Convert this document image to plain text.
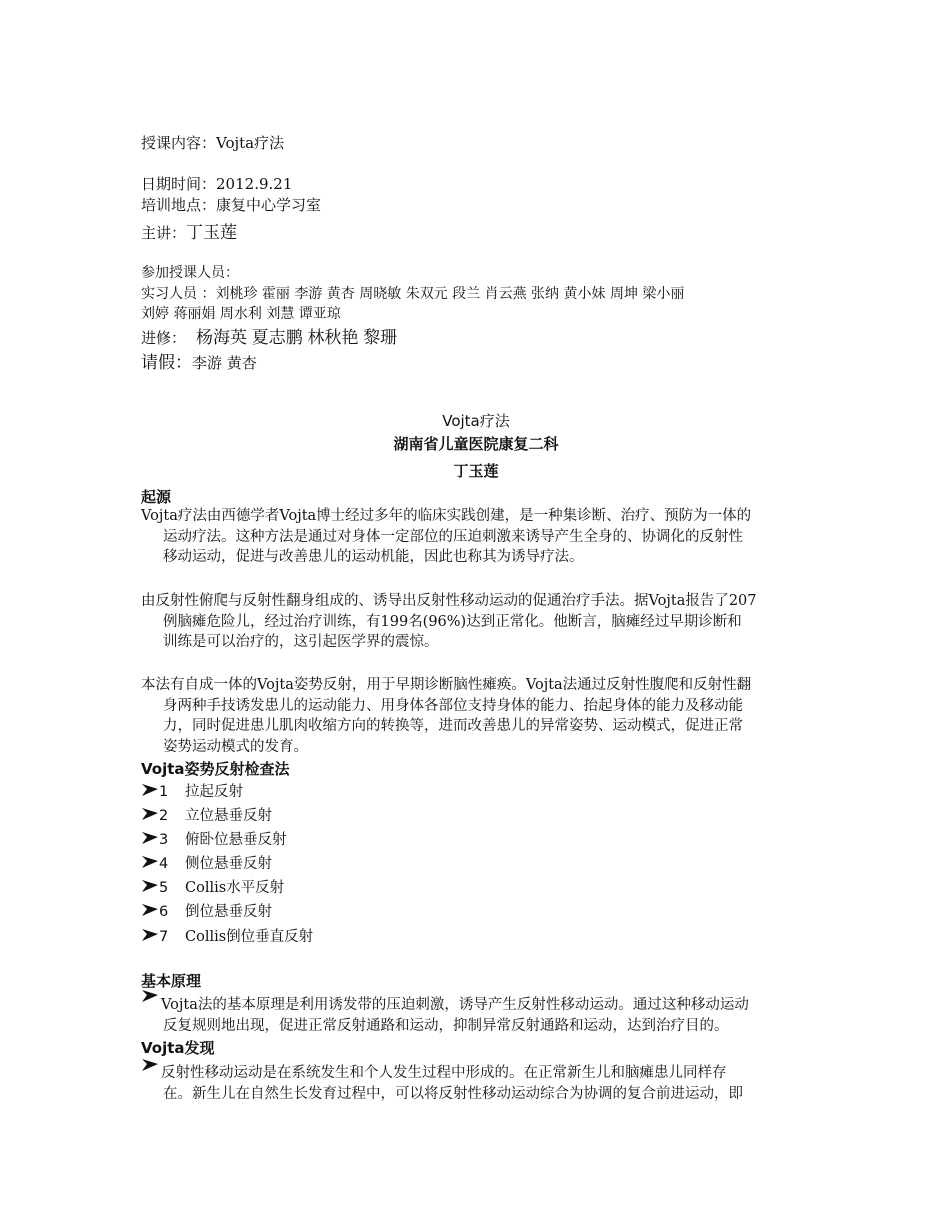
授课内容：Vojta疗法
日期时间：2012.9.21
培训地点：康复中心学习室
主讲：丁玉莲
参加授课人员：
实习人员 ：刘桃珍 霍丽 李游 黄杏 周晓敏 朱双元 段兰 肖云燕 张纳 黄小妹 周坤 梁小丽
刘婷 蒋丽娟 周水利 刘慧 谭亚琼
进修： 杨海英 夏志鹏 林秋艳 黎珊
请假：李游 黄杏
Vojta疗法
湖南省儿童医院康复二科
丁玉莲
起源
Vojta疗法由西德学者Vojta博士经过多年的临床实践创建，是一种集诊断、治疗、预防为一体的
运动疗法。这种方法是通过对身体一定部位的压迫刺激来诱导产生全身的、协调化的反射性
移动运动，促进与改善患儿的运动机能，因此也称其为诱导疗法。
由反射性俯爬与反射性翻身组成的、诱导出反射性移动运动的促通治疗手法。据Vojta报告了207
例脑瘫危险儿，经过治疗训练，有199名(96%)达到正常化。他断言，脑瘫经过早期诊断和
训练是可以治疗的，这引起医学界的震惊。
本法有自成一体的Vojta姿势反射，用于早期诊断脑性瘫痪。Vojta法通过反射性腹爬和反射性翻
身两种手技诱发患儿的运动能力、用身体各部位支持身体的能力、抬起身体的能力及移动能
力，同时促进患儿肌肉收缩方向的转换等，进而改善患儿的异常姿势、运动模式，促进正常
姿势运动模式的发育。
Vojta姿势反射检查法
1 拉起反射
2 立位悬垂反射
3 俯卧位悬垂反射
4 侧位悬垂反射
5 Collis水平反射
6 倒位悬垂反射
7 Collis倒位垂直反射
基本原理
Vojta法的基本原理是利用诱发带的压迫刺激，诱导产生反射性移动运动。通过这种移动运动
反复规则地出现，促进正常反射通路和运动，抑制异常反射通路和运动，达到治疗目的。
Vojta发现
反射性移动运动是在系统发生和个人发生过程中形成的。在正常新生儿和脑瘫患儿同样存
在。新生儿在自然生长发育过程中，可以将反射性移动运动综合为协调的复合前进运动，即
